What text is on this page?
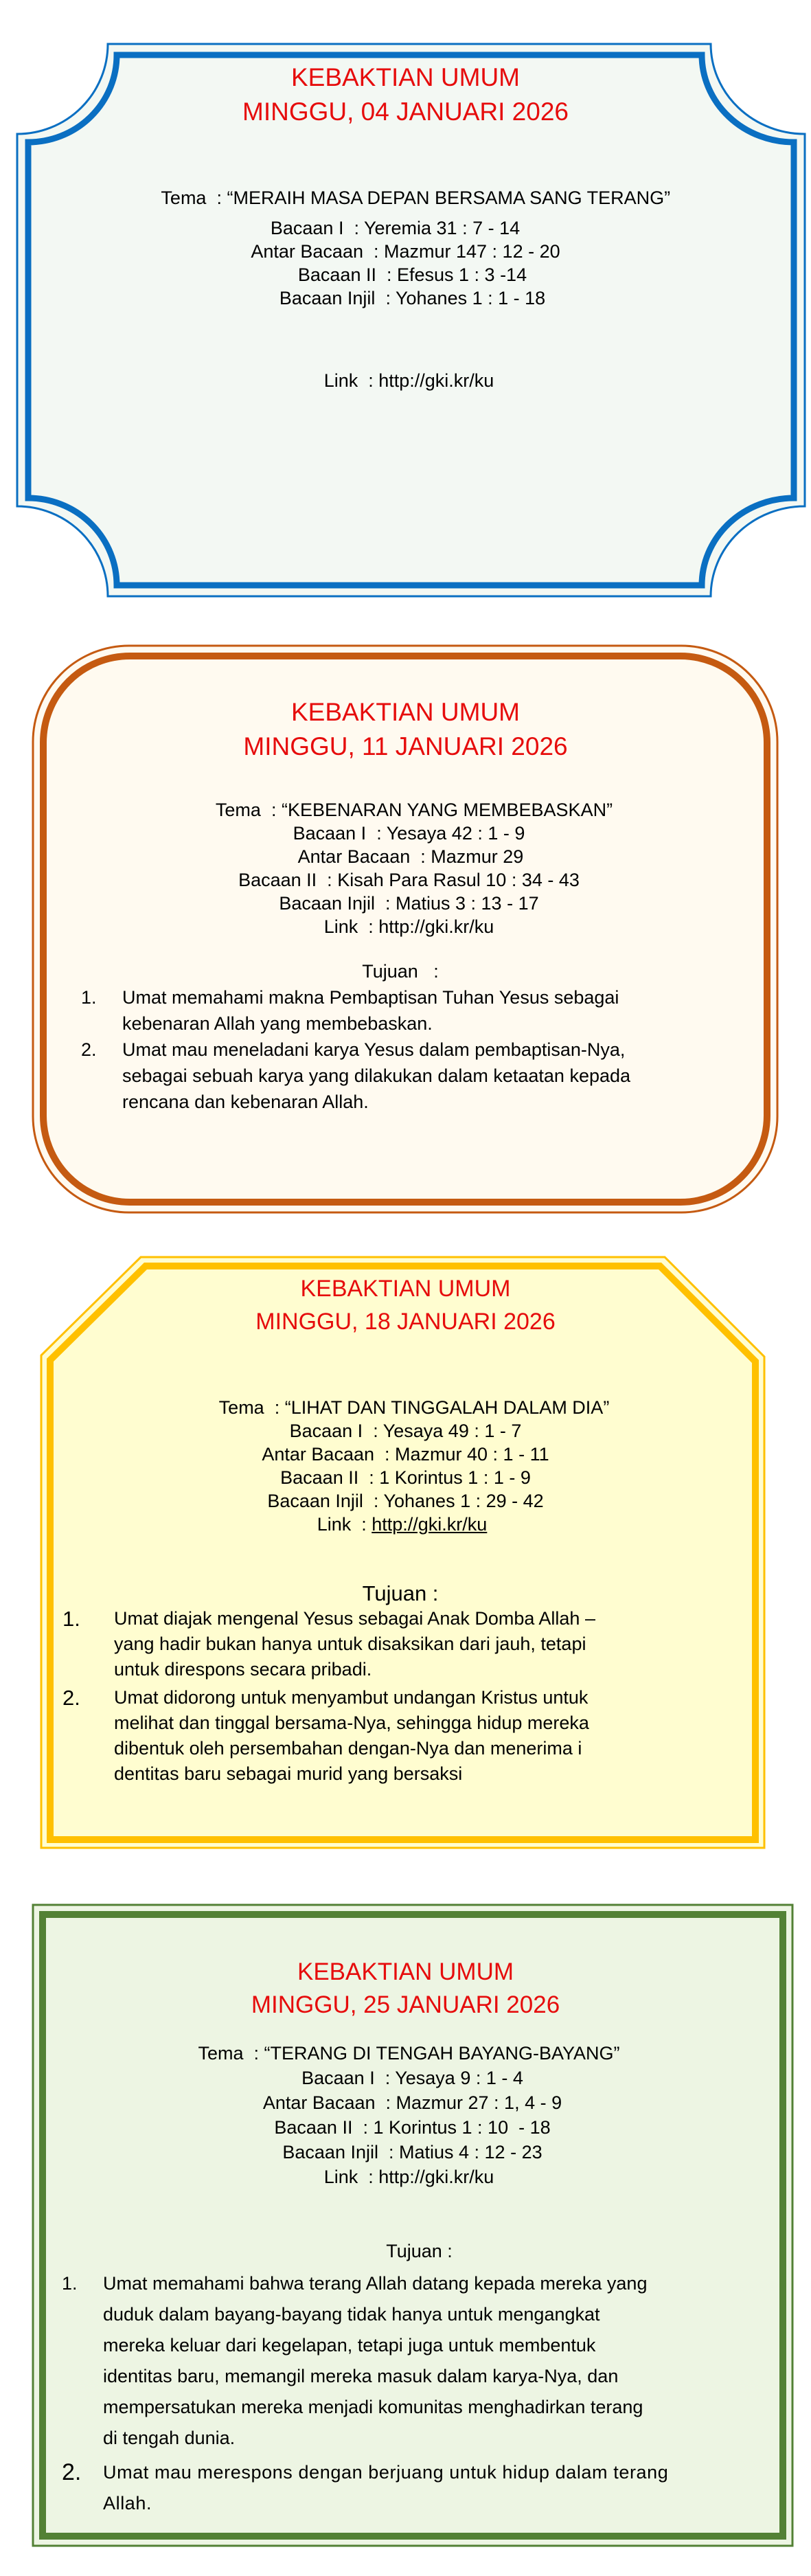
KEBAKTIAN UMUM
MINGGU, 04 JANUARI 2026

Tema  : “MERAIH MASA DEPAN BERSAMA SANG TERANG”

Bacaan I  : Yeremia 31 : 7 - 14
Antar Bacaan  : Mazmur 147 : 12 - 20
Bacaan II  : Efesus 1 : 3 -14
Bacaan Injil  : Yohanes 1 : 1 - 18

Link  : http://gki.kr/ku

KEBAKTIAN UMUM
MINGGU, 11 JANUARI 2026
Tema  : “KEBENARAN YANG MEMBEBASKAN”
Bacaan I  : Yesaya 42 : 1 - 9
Antar Bacaan  : Mazmur 29
Bacaan II  : Kisah Para Rasul 10 : 34 - 43
Bacaan Injil  : Matius 3 : 13 - 17
Link  : http://gki.kr/ku
Tujuan   :
1. Umat memahami makna Pembaptisan Tuhan Yesus sebagai
kebenaran Allah yang membebaskan.
2. Umat mau meneladani karya Yesus dalam pembaptisan-Nya,
sebagai sebuah karya yang dilakukan dalam ketaatan kepada
rencana dan kebenaran Allah.
KEBAKTIAN UMUM
MINGGU, 18 JANUARI 2026
Tema  : “LIHAT DAN TINGGALAH DALAM DIA”
Bacaan I  : Yesaya 49 : 1 - 7
Antar Bacaan  : Mazmur 40 : 1 - 11
Bacaan II  : 1 Korintus 1 : 1 - 9
Bacaan Injil  : Yohanes 1 : 29 - 42
Link  : http://gki.kr/ku
Tujuan :
1. Umat diajak mengenal Yesus sebagai Anak Domba Allah –
yang hadir bukan hanya untuk disaksikan dari jauh, tetapi
untuk direspons secara pribadi.
2. Umat didorong untuk menyambut undangan Kristus untuk
melihat dan tinggal bersama-Nya, sehingga hidup mereka
dibentuk oleh persembahan dengan-Nya dan menerima i
dentitas baru sebagai murid yang bersaksi
KEBAKTIAN UMUM
MINGGU, 25 JANUARI 2026
Tema  : “TERANG DI TENGAH BAYANG-BAYANG”
Bacaan I  : Yesaya 9 : 1 - 4
Antar Bacaan  : Mazmur 27 : 1, 4 - 9
Bacaan II  : 1 Korintus 1 : 10  - 18
Bacaan Injil  : Matius 4 : 12 - 23
Link  : http://gki.kr/ku
Tujuan :
1. Umat memahami bahwa terang Allah datang kepada mereka yang
duduk dalam bayang-bayang tidak hanya untuk mengangkat
mereka keluar dari kegelapan, tetapi juga untuk membentuk
identitas baru, memangil mereka masuk dalam karya-Nya, dan
mempersatukan mereka menjadi komunitas menghadirkan terang
di tengah dunia.
2. Umat mau merespons dengan berjuang untuk hidup dalam terang
Allah.
